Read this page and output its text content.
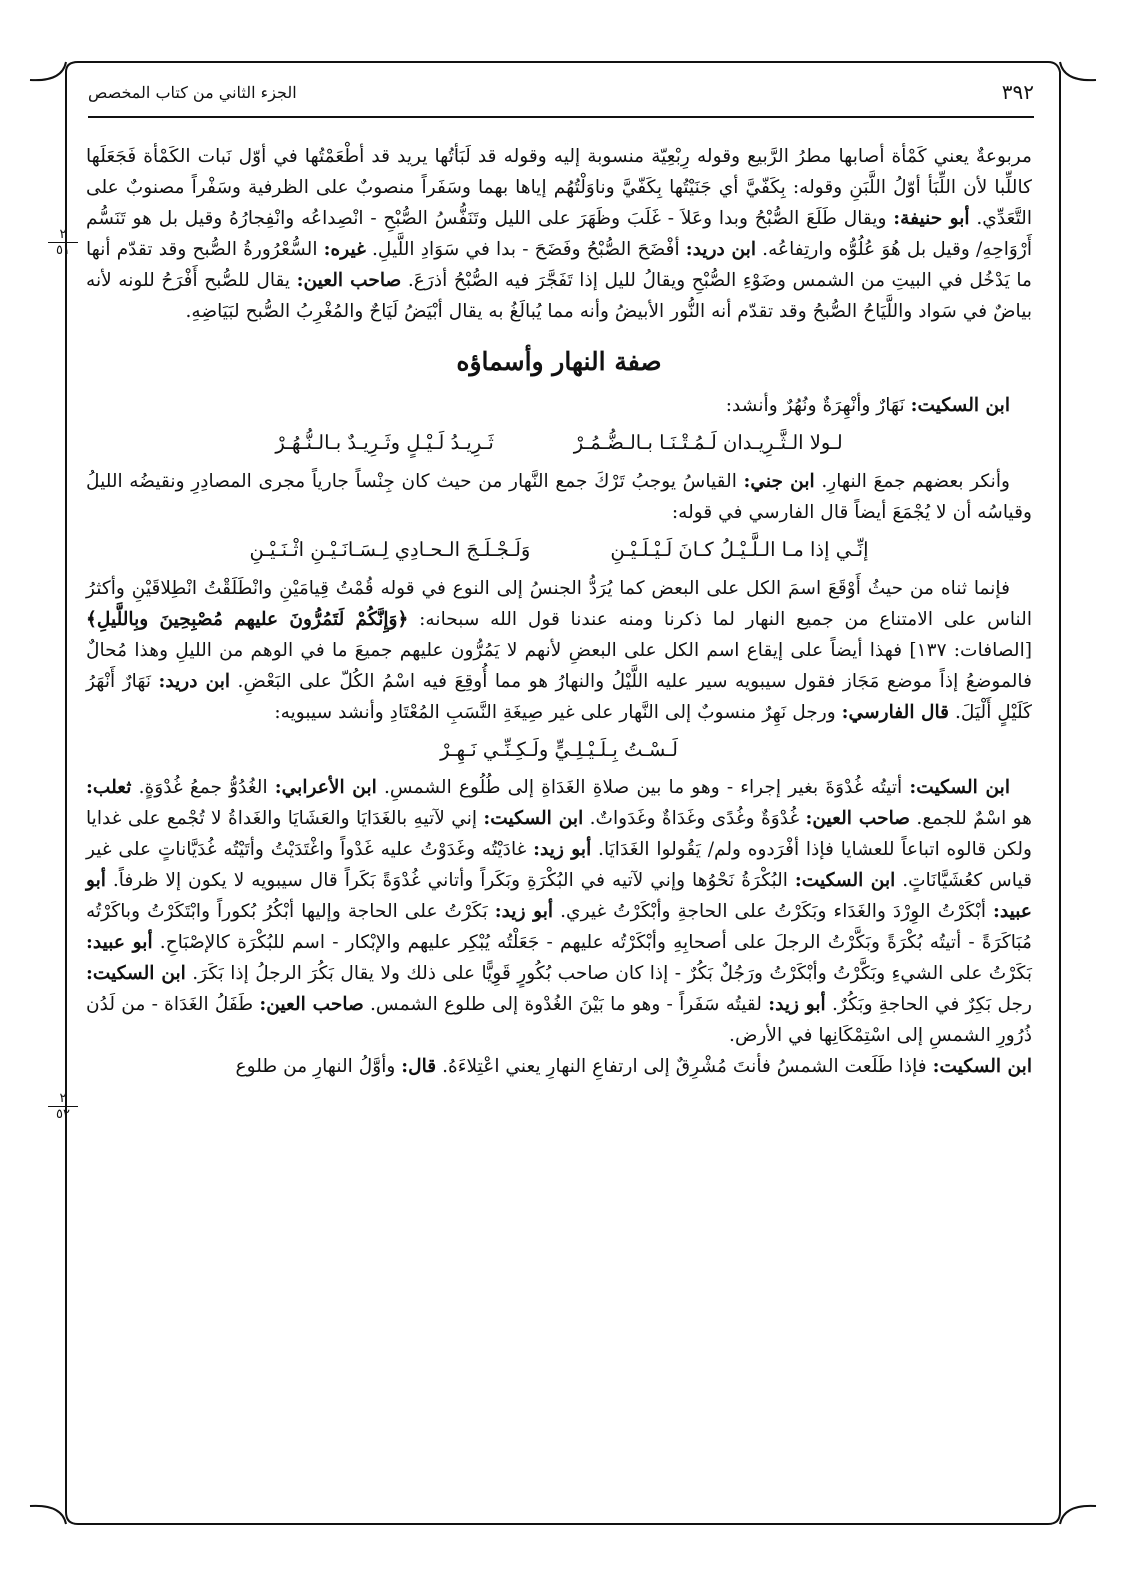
٣٩٢
الجزء الثاني من كتاب المخصص
٢
٥١
٢
٥٢

مربوعةٌ يعني كَمْأة أصابها مطرُ الرَّبيع وقوله رِبْعِيّة منسوبة إليه وقوله قد لَبَأتُها يريد قد أطْعَمْتُها في أوّل نَبات الكَمْأة فَجَعَلَها كاللِّبا لأن اللِّبَأ أوّلُ اللَّبَنِ وقوله: بِكَفّيَّ أي جَنَيْتُها بِكَفّيَّ وناوَلْتُهُم إياها بهما وسَفَراً منصوبٌ على الظرفية وسَفْراً مصنوبٌ على التَّعَدِّي. أبو حنيفة: ويقال طَلَعَ الصُّبْحُ وبدا وعَلاَ - غَلَبَ وظَهَرَ على الليل وتَنَفُّسُ الصُّبْحِ - انْصِداعُه وانْفِجارُهُ وقيل بل هو تَنَسُّم أَرْوَاحِهِ/ وقيل بل هُوَ عُلُوُّه وارتِفاعُه. ابن دريد: أفْضَحَ الصُّبْحُ وفَضَحَ - بدا في سَوَادِ اللَّيلِ. غيره: السُّعْرُورةُ الصُّبح وقد تقدّم أنها ما يَدْخُل في البيتِ من الشمس وضَوْءِ الصُّبْحِ ويقالُ لليل إذا تَفَجَّرَ فيه الصُّبْحُ أذرَعَ. صاحب العين: يقال للصُّبح أَفْرَحُ للونه لأنه بياضٌ في سَواد واللَّيَاحُ الصُّبحُ وقد تقدّم أنه النُّور الأبيضُ وأنه مما يُبالَغُ به يقال أبْيَضُ لَيَاحٌ والمُغْرِبُ الصُّبح لبَيَاضِهِ.

صفة النهار وأسماؤه

ابن السكيت: نَهَارٌ وأنْهِرَةٌ ونُهُرٌ وأنشد:

لـولا الـثَّـرِيـدان لَـمُـتْـنَـا بـالـضُّـمُـرْ
ثَـرِيـدُ لَـيْـلٍ وثَـرِيـدٌ بـالـنُّـهُـرْ

وأنكر بعضهم جمعَ النهارِ. ابن جني: القياسُ يوجبُ تَرْكَ جمع النَّهار من حيث كان جِنْساً جارياً مجرى المصادِرِ ونقيضُه الليلُ وقياسُه أن لا يُجْمَعَ أيضاً قال الفارسي في قوله:

إنِّـي إذا مـا الـلَّـيْـلُ كـانَ لَـيْـلَـيْـنِ
وَلَـجْـلَـجَ الـحـادِي لِـسَـانَـيْـنِ اثْـنَـيْـنِ

فإنما ثناه من حيثُ أَوْقَعَ اسمَ الكل على البعض كما يُرَدُّ الجنسُ إلى النوع في قوله قُمْتُ قِيامَيْنِ وانْطَلَقْتُ انْطِلاقَيْنِ وأكثرُ الناس على الامتناع من جميع النهار لما ذكرنا ومنه عندنا قول الله سبحانه: ﴿وَإِنَّكُمْ لَتَمُرُّونَ عليهم مُصْبِحِينَ وبِاللَّيلِ﴾ [الصافات: ١٣٧] فهذا أيضاً على إيقاع اسم الكل على البعضِ لأنهم لا يَمُرُّون عليهم جميعَ ما في الوهم من الليلِ وهذا مُحالٌ فالموضعُ إذاً موضع مَجَاز فقول سيبويه سير عليه اللَّيْلُ والنهارُ هو مما أُوقِعَ فيه اسْمُ الكُلّ على البَعْضِ. ابن دريد: نَهَارٌ أَنْهَرُ كَلَيْلٍ أَلْيَلَ. قال الفارسي: ورجل نَهِرٌ منسوبٌ إلى النَّهار على غير صِيغَةِ النَّسَبِ المُعْتَادِ وأنشد سيبويه:

لَـسْـتُ بِـلَـيْـلِـيٍّ ولَـكِـنِّـي نَـهِـرْ

ابن السكيت: أتيتُه غُدْوَةَ بغير إجراء - وهو ما بين صلاةِ الغَدَاةِ إلى طُلُوع الشمسِ. ابن الأعرابي: الغُدُوُّ جمعُ غُدْوَةٍ. ثعلب: هو اسْمٌ للجمع. صاحب العين: غُدْوَةٌ وغُدًى وغَدَاةٌ وغَدَواتٌ. ابن السكيت: إني لآتيهِ بالغَدَايَا والعَشَايَا والغَداةُ لا تُجْمع على غدايا ولكن قالوه اتباعاً للعشايا فإذا أفْرَدوه ولم/ يَقُولوا الغَدَايَا. أبو زيد: غادَيْتُه وغَدَوْتُ عليه غَدْواً واغْتَدَيْتُ وأتَيْتُه غُدَيَّاناتٍ على غير قياس كعُشَيَّانَاتٍ. ابن السكيت: البُكْرَةُ نَحْوُها وإني لآتيه في البُكْرَةِ وبَكَراً وأتاني غُدْوَةً بَكَراً قال سيبويه لا يكون إلا ظرفاً. أبو عبيد: أبْكَرْتُ الوِرْدَ والغَدَاء وبَكَرْتُ على الحاجةِ وأبْكَرْتُ غيري. أبو زيد: بَكَرْتُ على الحاجة وإليها أبْكُرُ بُكوراً وابْتَكَرْتُ وباكَرْتُه مُبَاكَرَةً - أتيتُه بُكْرَةً وبَكَّرْتُ الرجلَ على أصحابِهِ وأبْكَرْتُه عليهم - جَعَلْتُه يُبْكِر عليهم والإبْكار - اسم للبُكْرَة كالإصْبَاحِ. أبو عبيد: بَكَرْتُ على الشيءِ وبَكَّرْتُ وأبْكَرْتُ ورَجُلٌ بَكُرٌ - إذا كان صاحب بُكُورٍ قَوِيًّا على ذلك ولا يقال بَكُرَ الرجلُ إذا بَكَرَ. ابن السكيت: رجل بَكِرٌ في الحاجةِ وبَكُرٌ. أبو زيد: لقيتُه سَفَراً - وهو ما بَيْنَ الغُدْوة إلى طلوع الشمس. صاحب العين: طَفَلُ الغَدَاة - من لَدُن ذُرُورِ الشمسِ إلى اسْتِمْكَانِها في الأرض.

ابن السكيت: فإذا طَلَعت الشمسُ فأنتَ مُشْرِقٌ إلى ارتفاعِ النهارِ يعني اعْتِلاءَهُ. قال: وأوَّلُ النهارِ من طلوع
